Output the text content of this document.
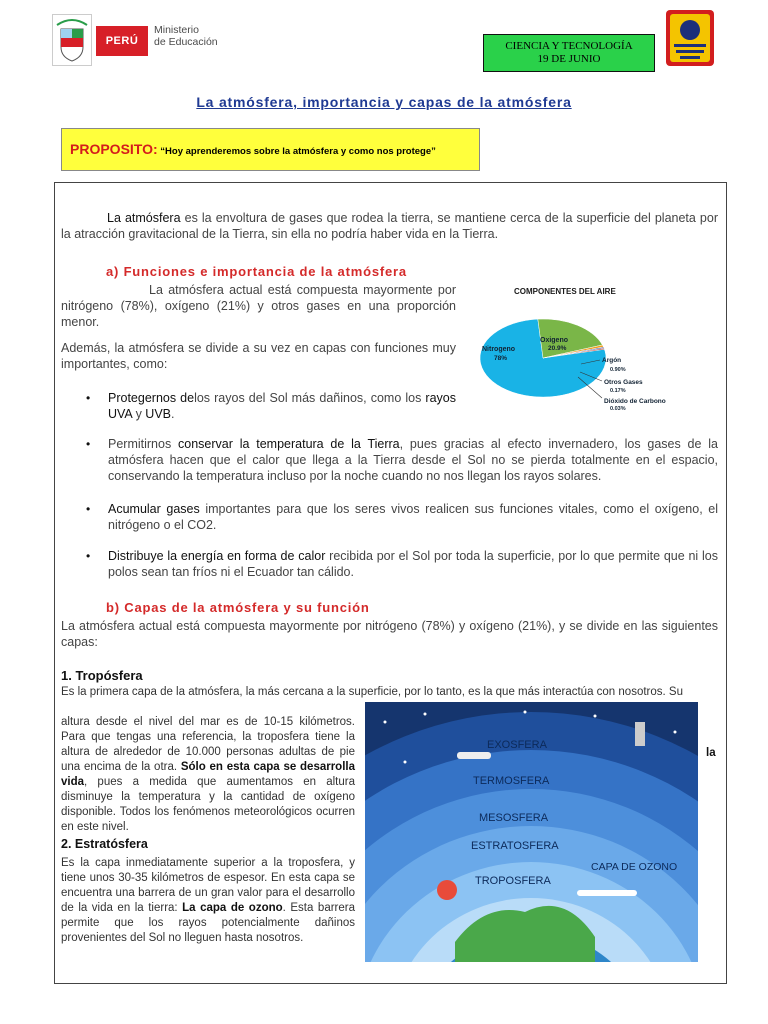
PERÚ
Ministerio
de Educación	CIENCIA Y TECNOLOGÍA
19 DE JUNIO
La atmósfera, importancia y capas de la atmósfera
PROPOSITO: “Hoy aprenderemos sobre la atmósfera y como nos protege”

La atmósfera es la envoltura de gases que rodea la tierra, se mantiene cerca de la superficie del planeta por la atracción gravitacional de la Tierra, sin ella no podría haber vida en la Tierra.

a) Funciones e importancia de la atmósfera

La atmósfera actual está compuesta mayormente por nitrógeno (78%), oxígeno (21%) y otros gases en una proporción menor.

Además, la atmósfera se divide a su vez en capas con funciones muy importantes, como:

• Protegernos delos rayos del Sol más dañinos, como los rayos UVA y UVB.
• Permitirnos conservar la temperatura de la Tierra, pues gracias al efecto invernadero, los gases de la atmósfera hacen que el calor que llega a la Tierra desde el Sol no se pierda totalmente en el espacio, conservando la temperatura incluso por la noche cuando no nos llegan los rayos solares.
• Acumular gases importantes para que los seres vivos realicen sus funciones vitales, como el oxígeno, el nitrógeno o el CO2.
• Distribuye la energía en forma de calor recibida por el Sol por toda la superficie, por lo que permite que ni los polos sean tan fríos ni el Ecuador tan cálido.
COMPONENTES DEL AIRE
Nitrogeno
78%
Oxigeno
20.9%
Argón
0.90%
Otros Gases
0.17%
Dióxido de Carbono
0.03%
b) Capas de la atmósfera y su función

La atmósfera actual está compuesta mayormente por nitrógeno (78%) y oxígeno (21%), y se divide en las siguientes capas:

1. Tropósfera

Es la primera capa de la atmósfera, la más cercana a la superficie, por lo tanto, es la que más interactúa con nosotros. Su

altura desde el nivel del mar es de 10-15 kilómetros. Para que tengas una referencia, la troposfera tiene la altura de alrededor de 10.000 personas adultas de pie una encima de la otra. Sólo en esta capa se desarrolla vida, pues a medida que aumentamos en altura disminuye la temperatura y la cantidad de oxígeno disponible. Todos los fenómenos meteorológicos ocurren en este nivel.

la
2. Estratósfera

Es la capa inmediatamente superior a la troposfera, y tiene unos 30-35 kilómetros de espesor. En esta capa se encuentra una barrera de un gran valor para el desarrollo de la vida en la tierra: La capa de ozono. Esta barrera permite que los rayos potencialmente dañinos provenientes del Sol no lleguen hasta nosotros.

EXOSFERA
TERMOSFERA
MESOSFERA
ESTRATOSFERA
TROPOSFERA
CAPA DE OZONO
